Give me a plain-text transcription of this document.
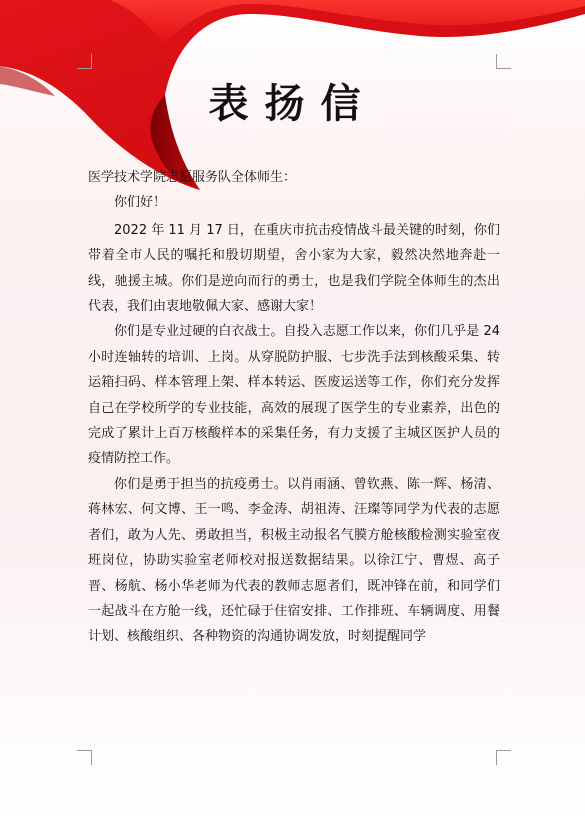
表扬信

医学技术学院志愿服务队全体师生：

你们好！

2022 年 11 月 17 日，在重庆市抗击疫情战斗最关键的时刻，你们带着全市人民的嘱托和殷切期望，舍小家为大家，毅然决然地奔赴一线，驰援主城。你们是逆向而行的勇士，也是我们学院全体师生的杰出代表，我们由衷地敬佩大家、感谢大家！

你们是专业过硬的白衣战士。自投入志愿工作以来，你们几乎是 24 小时连轴转的培训、上岗。从穿脱防护服、七步洗手法到核酸采集、转运箱扫码、样本管理上架、样本转运、医废运送等工作，你们充分发挥自己在学校所学的专业技能，高效的展现了医学生的专业素养，出色的完成了累计上百万核酸样本的采集任务，有力支援了主城区医护人员的疫情防控工作。

你们是勇于担当的抗疫勇士。以肖雨涵、曾钦燕、陈一辉、杨清、蒋林宏、何文博、王一鸣、李金涛、胡祖涛、汪璨等同学为代表的志愿者们，敢为人先、勇敢担当，积极主动报名气膜方舱核酸检测实验室夜班岗位，协助实验室老师校对报送数据结果。以徐江宁、曹煜、高子晋、杨航、杨小华老师为代表的教师志愿者们，既冲锋在前，和同学们一起战斗在方舱一线，还忙碌于住宿安排、工作排班、车辆调度、用餐计划、核酸组织、各种物资的沟通协调发放，时刻提醒同学
